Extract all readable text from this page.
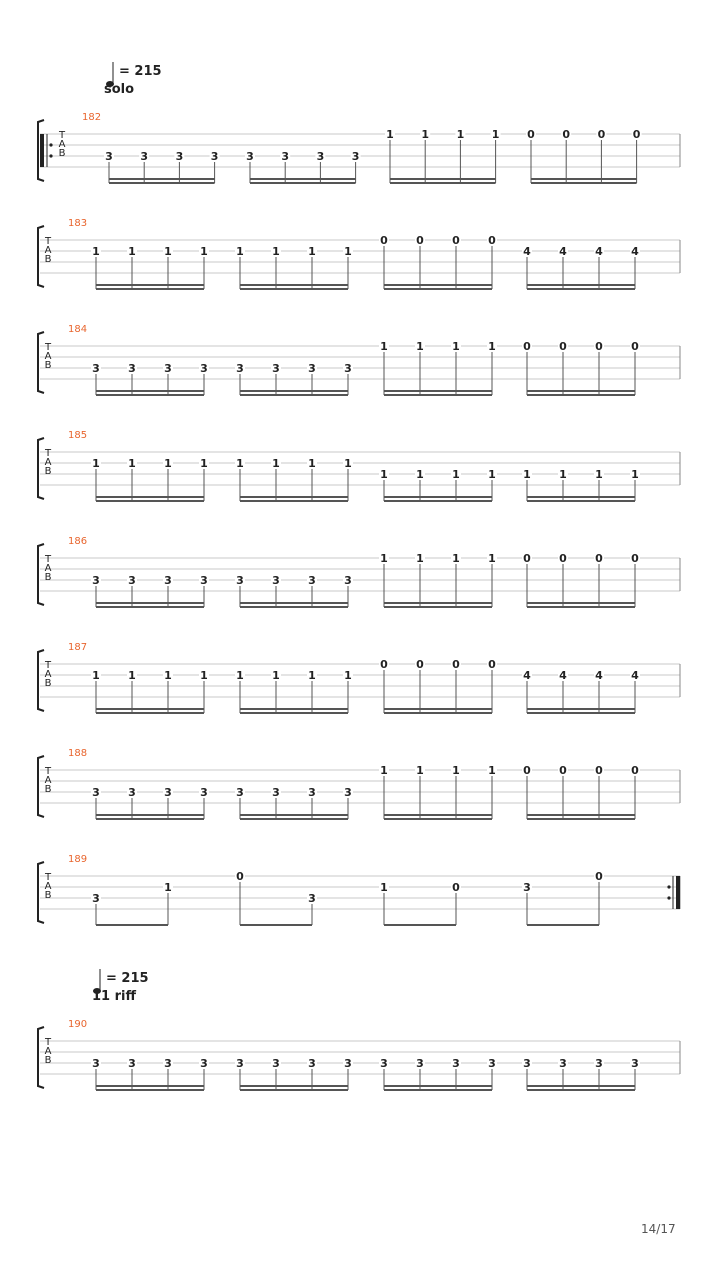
= 215
solo
= 215
11 riff
T
A
B
182
3	3	3	3	3	3	3	3
1	1	1	1	0	0	0	0
T
A
B
183
1	1	1	1	1	1	1	1
0	0	0	0
4	4	4	4
T
A
B
184
3	3	3	3	3	3	3	3
1	1	1	1 0	0	0	0
T
A
B
185
1	1	1	1	1	1	1	1
1	1	1	1 1	1	1	1
T
A
B
186
3	3	3	3	3	3	3	3
1	1	1	1 0	0	0	0
T
A
B
187
1	1	1	1	1	1	1	1
0	0	0	0
4	4	4	4
T
A
B
188
3	3	3	3	3	3	3	3
1	1	1	1 0	0	0	0
T
A
B
189
3
1
0
3
1	0	3
0
T
A
B
190
3	3	3	3	3	3	3	3	3	3	3	3 3	3	3	3
14/17
